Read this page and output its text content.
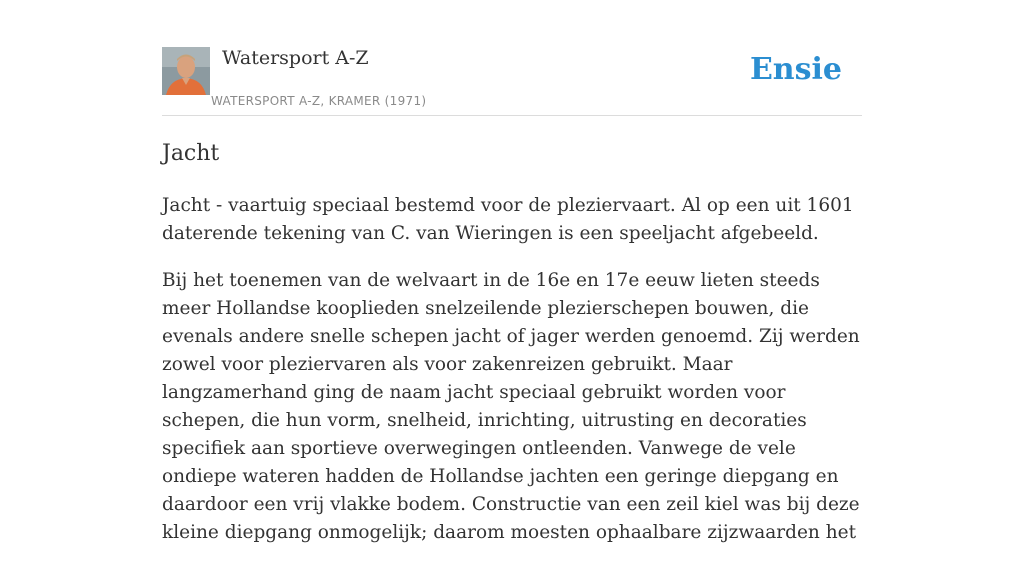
Watersport A-Z
WATERSPORT A-Z, KRAMER (1971)
Ensie
Jacht

Jacht - vaartuig speciaal bestemd voor de pleziervaart. Al op een uit 1601 daterende tekening van C. van Wieringen is een speeljacht afgebeeld.

Bij het toenemen van de welvaart in de 16e en 17e eeuw lieten steeds meer Hollandse kooplieden snelzeilende plezierschepen bouwen, die evenals andere snelle schepen jacht of jager werden genoemd. Zij werden zowel voor pleziervaren als voor zakenreizen gebruikt. Maar langzamerhand ging de naam jacht speciaal gebruikt worden voor schepen, die hun vorm, snelheid, inrichting, uitrusting en decoraties specifiek aan sportieve overwegingen ontleenden. Vanwege de vele ondiepe wateren hadden de Hollandse jachten een geringe diepgang en daardoor een vrij vlakke bodem. Constructie van een zeil kiel was bij deze kleine diepgang onmogelijk; daarom moesten ophaalbare zijzwaarden het
